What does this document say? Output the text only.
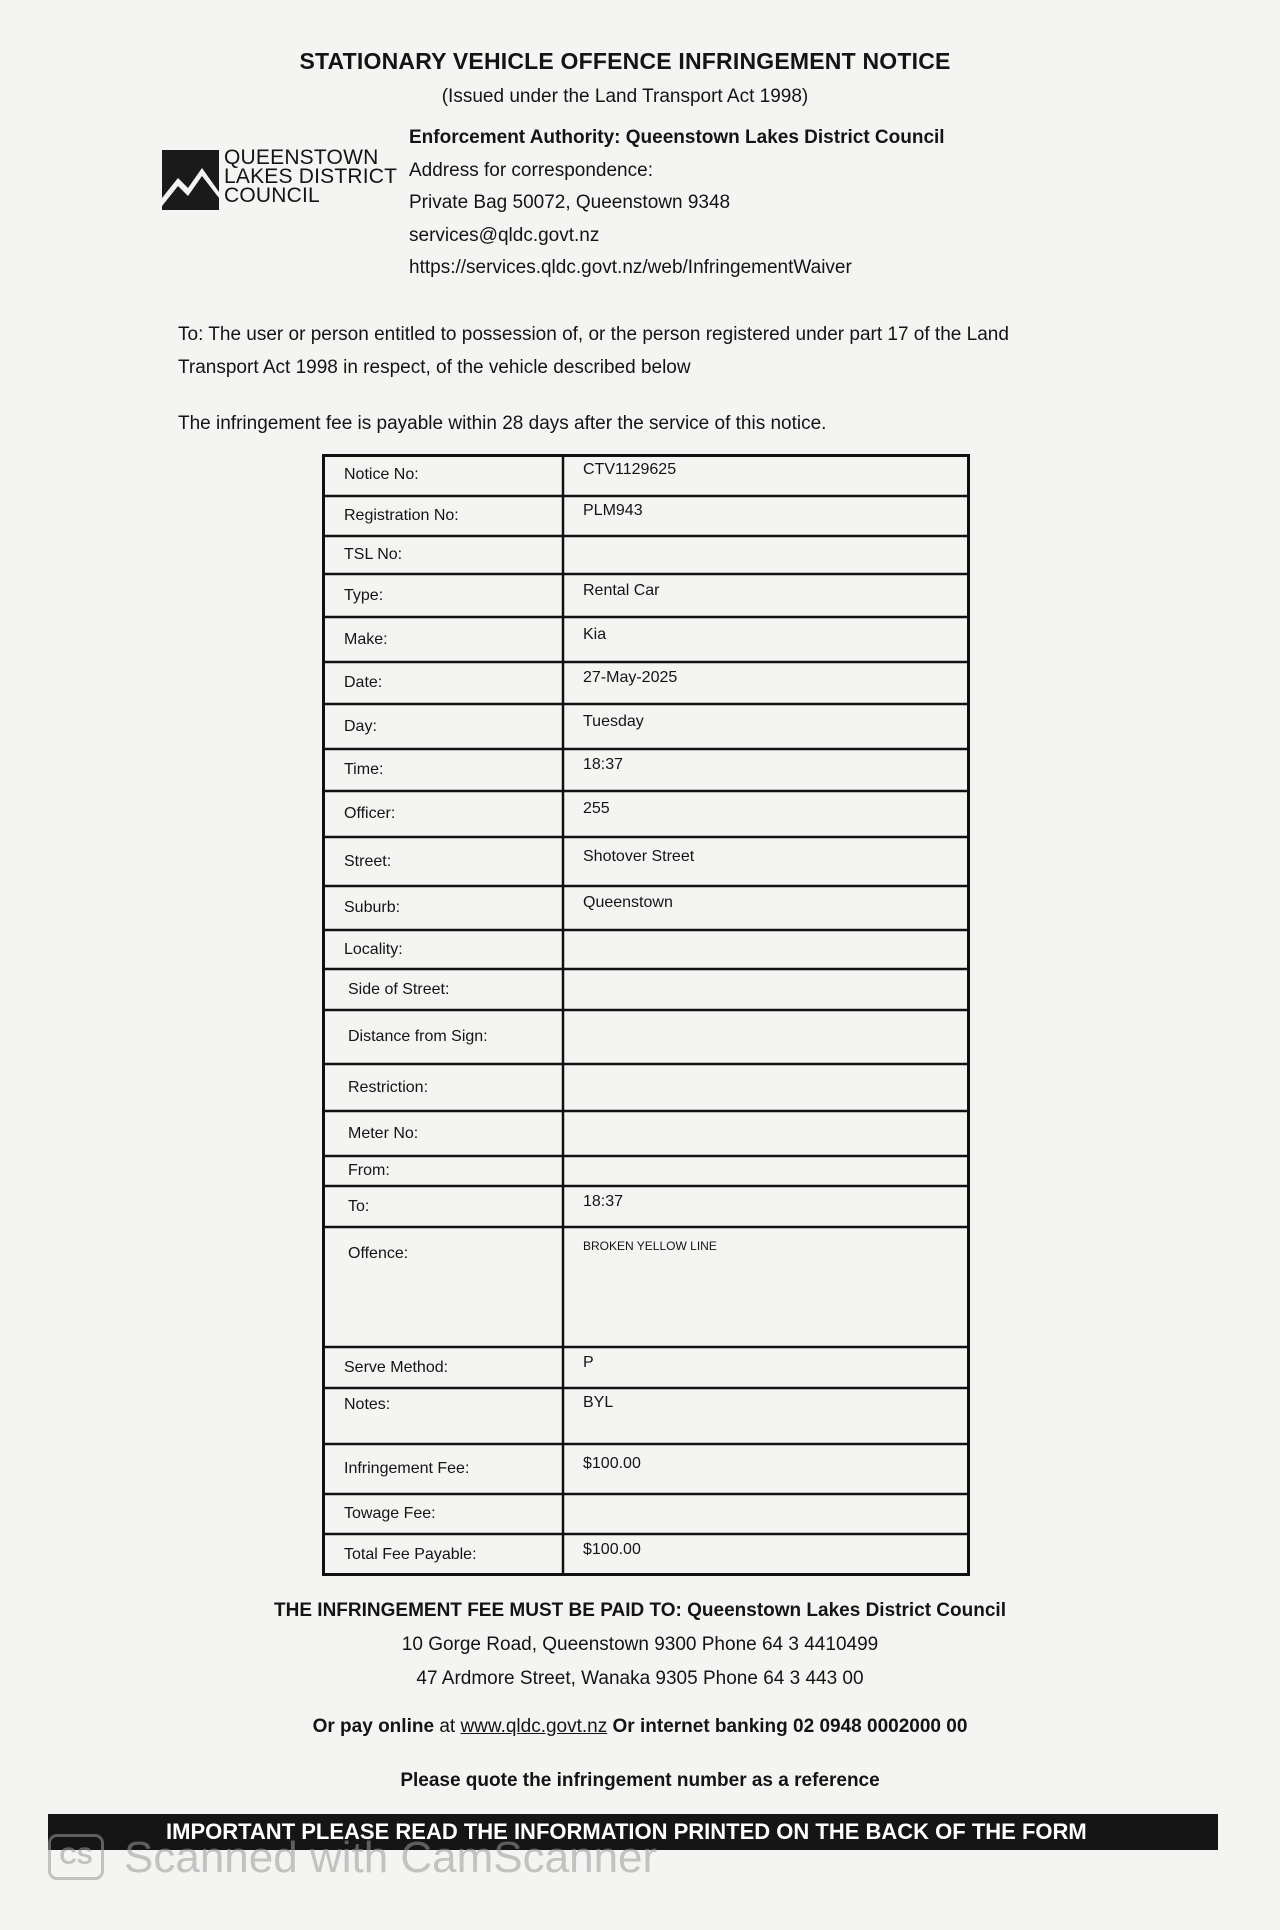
STATIONARY VEHICLE OFFENCE INFRINGEMENT NOTICE
(Issued under the Land Transport Act 1998)
QUEENSTOWN
LAKES DISTRICT
COUNCIL
Enforcement Authority: Queenstown Lakes District Council
Address for correspondence:
Private Bag 50072, Queenstown 9348
services@qldc.govt.nz
https://services.qldc.govt.nz/web/InfringementWaiver
To: The user or person entitled to possession of, or the person registered under part 17 of the Land Transport Act 1998 in respect, of the vehicle described below
The infringement fee is payable within 28 days after the service of this notice.
Notice No:	CTV1129625
Registration No:	PLM943
TSL No:
Type:	Rental Car
Make:	Kia
Date:	27-May-2025
Day:	Tuesday
Time:	18:37
Officer:	255
Street:	Shotover Street
Suburb:	Queenstown
Locality:
Side of Street:
Distance from Sign:
Restriction:
Meter No:
From:
To:	18:37
Offence:	BROKEN YELLOW LINE
Serve Method:	P
Notes:	BYL
Infringement Fee:	$100.00
Towage Fee:
Total Fee Payable:	$100.00
THE INFRINGEMENT FEE MUST BE PAID TO: Queenstown Lakes District Council
10 Gorge Road, Queenstown 9300 Phone 64 3 4410499
47 Ardmore Street, Wanaka 9305 Phone 64 3 443 00
Or pay online at www.qldc.govt.nz Or internet banking 02 0948 0002000 00
Please quote the infringement number as a reference
IMPORTANT PLEASE READ THE INFORMATION PRINTED ON THE BACK OF THE FORM
CS Scanned with CamScanner
